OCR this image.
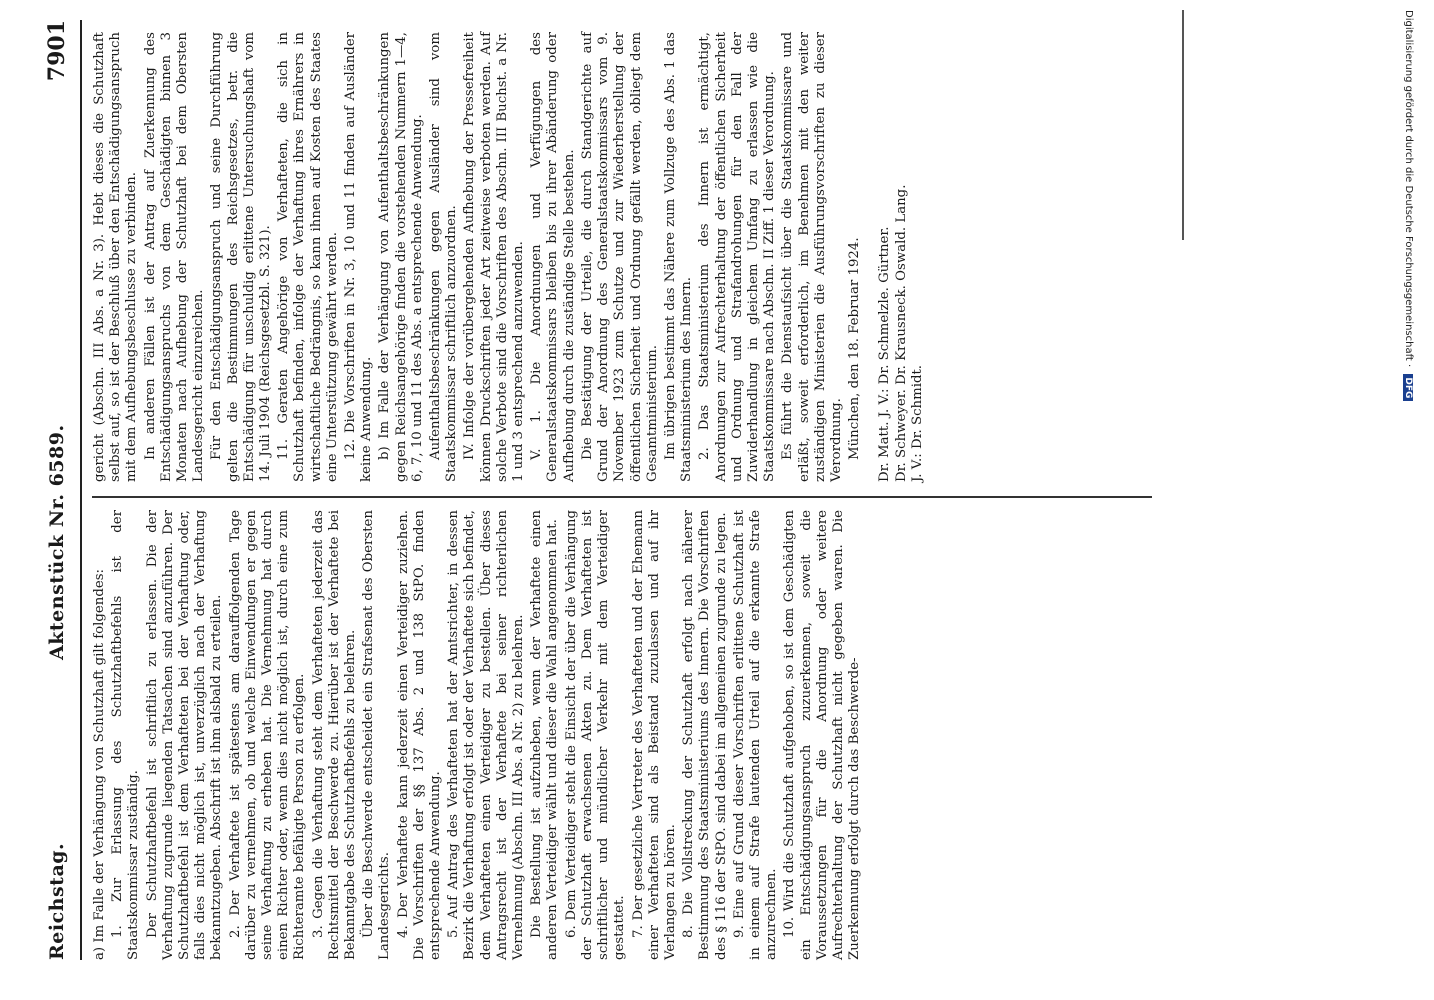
Reichstag.
Aktenstück Nr. 6589.
7901

a) Im Falle der Verhängung von Schutzhaft gilt folgendes: 1. Zur Erlassung des Schutzhaftbefehls ist der Staatskommissar zuständig. Der Schutzhaftbefehl ist schriftlich zu erlassen. Die der Verhaftung zugrunde liegenden Tatsachen sind anzuführen. Der Schutzhaftbefehl ist dem Verhafteten bei der Verhaftung oder, falls dies nicht möglich ist, unverzüglich nach der Verhaftung bekanntzugeben. Abschrift ist ihm alsbald zu erteilen. 2. Der Verhaftete ist spätestens am darauffolgenden Tage darüber zu vernehmen, ob und welche Einwendungen er gegen seine Verhaftung zu erheben hat. Die Vernehmung hat durch einen Richter oder, wenn dies nicht möglich ist, durch eine zum Richteramte befähigte Person zu erfolgen. 3. Gegen die Verhaftung steht dem Verhafteten jederzeit das Rechtsmittel der Beschwerde zu. Hierüber ist der Verhaftete bei Bekanntgabe des Schutzhaftbefehls zu belehren. Über die Beschwerde entscheidet ein Strafsenat des Obersten Landesgerichts. 4. Der Verhaftete kann jederzeit einen Verteidiger zuziehen. Die Vorschriften der §§ 137 Abs. 2 und 138 StPO. finden entsprechende Anwendung. 5. Auf Antrag des Verhafteten hat der Amtsrichter, in dessen Bezirk die Verhaftung erfolgt ist oder der Verhaftete sich befindet, dem Verhafteten einen Verteidiger zu bestellen. Über dieses Antragsrecht ist der Verhaftete bei seiner richterlichen Vernehmung (Abschn. III Abs. a Nr. 2) zu belehren. Die Bestellung ist aufzuheben, wenn der Verhaftete einen anderen Verteidiger wählt und dieser die Wahl angenommen hat. 6. Dem Verteidiger steht die Einsicht der über die Verhängung der Schutzhaft erwachsenen Akten zu. Dem Verhafteten ist schriftlicher und mündlicher Verkehr mit dem Verteidiger gestattet. 7. Der gesetzliche Vertreter des Verhafteten und der Ehemann einer Verhafteten sind als Beistand zuzulassen und auf ihr Verlangen zu hören. 8. Die Vollstreckung der Schutzhaft erfolgt nach näherer Bestimmung des Staatsministeriums des Innern. Die Vorschriften des § 116 der StPO. sind dabei im allgemeinen zugrunde zu legen. 9. Eine auf Grund dieser Vorschriften erlittene Schutzhaft ist in einem auf Strafe lautenden Urteil auf die erkannte Strafe anzurechnen. 10. Wird die Schutzhaft aufgehoben, so ist dem Geschädigten ein Entschädigungsanspruch zuzuerkennen, soweit die Voraussetzungen für die Anordnung oder weitere Aufrechterhaltung der Schutzhaft nicht gegeben waren. Die Zuerkennung erfolgt durch das Beschwerde-

gericht (Abschn. III Abs. a Nr. 3). Hebt dieses die Schutzhaft selbst auf, so ist der Beschluß über den Entschädigungsanspruch mit dem Aufhebungsbeschlusse zu verbinden. In anderen Fällen ist der Antrag auf Zuerkennung des Entschädigungsanspruchs von dem Geschädigten binnen 3 Monaten nach Aufhebung der Schutzhaft bei dem Obersten Landesgericht einzureichen. Für den Entschädigungsanspruch und seine Durchführung gelten die Bestimmungen des Reichsgesetzes, betr. die Entschädigung für unschuldig erlittene Untersuchungshaft vom 14. Juli 1904 (Reichsgesetzbl. S. 321). 11. Geraten Angehörige von Verhafteten, die sich in Schutzhaft befinden, infolge der Verhaftung ihres Ernährers in wirtschaftliche Bedrängnis, so kann ihnen auf Kosten des Staates eine Unterstützung gewährt werden. 12. Die Vorschriften in Nr. 3, 10 und 11 finden auf Ausländer keine Anwendung. b) Im Falle der Verhängung von Aufenthaltsbeschränkungen gegen Reichsangehörige finden die vorstehenden Nummern 1—4, 6, 7, 10 und 11 des Abs. a entsprechende Anwendung. Aufenthaltsbeschränkungen gegen Ausländer sind vom Staatskommissar schriftlich anzuordnen. IV. Infolge der vorübergehenden Aufhebung der Pressefreiheit können Druckschriften jeder Art zeitweise verboten werden. Auf solche Verbote sind die Vorschriften des Abschn. III Buchst. a Nr. 1 und 3 entsprechend anzuwenden. V. 1. Die Anordnungen und Verfügungen des Generalstaatskommissars bleiben bis zu ihrer Abänderung oder Aufhebung durch die zuständige Stelle bestehen. Die Bestätigung der Urteile, die durch Standgerichte auf Grund der Anordnung des Generalstaatskommissars vom 9. November 1923 zum Schutze und zur Wiederherstellung der öffentlichen Sicherheit und Ordnung gefällt werden, obliegt dem Gesamtministerium. Im übrigen bestimmt das Nähere zum Vollzuge des Abs. 1 das Staatsministerium des Innern. 2. Das Staatsministerium des Innern ist ermächtigt, Anordnungen zur Aufrechterhaltung der öffentlichen Sicherheit und Ordnung und Strafandrohungen für den Fall der Zuwiderhandlung in gleichem Umfang zu erlassen wie die Staatskommissare nach Abschn. II Ziff. 1 dieser Verordnung. Es führt die Dienstaufsicht über die Staatskommissare und erläßt, soweit erforderlich, im Benehmen mit den weiter zuständigen Ministerien die Ausführungsvorschriften zu dieser Verordnung. München, den 18. Februar 1924. Dr. Matt. J. V.: Dr. Schmelzle. Gürtner. Dr. Schweyer. Dr. Krausneck. Oswald. Lang. J. V.: Dr. Schmidt.
Digitalisierung gefördert durch die Deutsche Forschungsgemeinschaft · DFG
